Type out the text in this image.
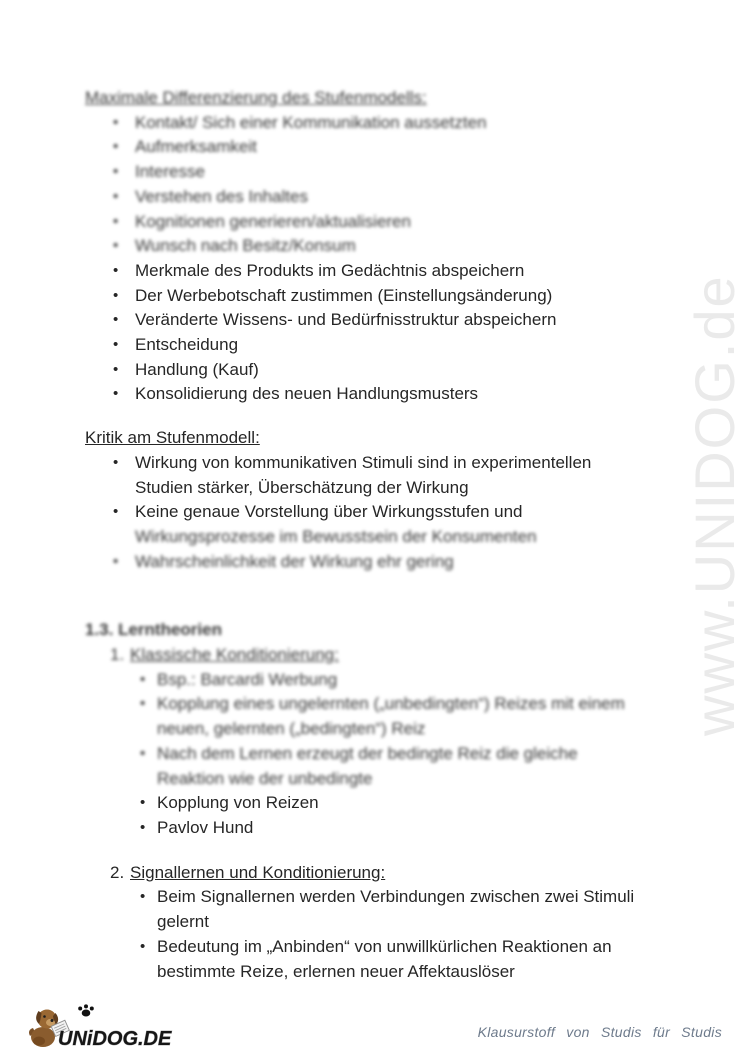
www.UNIDOG.de
Maximale Differenzierung des Stufenmodells:
• Kontakt/ Sich einer Kommunikation aussetzten
• Aufmerksamkeit
• Interesse
• Verstehen des Inhaltes
• Kognitionen generieren/aktualisieren
• Wunsch nach Besitz/Konsum
• Merkmale des Produkts im Gedächtnis abspeichern
• Der Werbebotschaft zustimmen (Einstellungsänderung)
• Veränderte Wissens- und Bedürfnisstruktur abspeichern
• Entscheidung
• Handlung (Kauf)
• Konsolidierung des neuen Handlungsmusters
Kritik am Stufenmodell:
• Wirkung von kommunikativen Stimuli sind in experimentellen
Studien stärker, Überschätzung der Wirkung
• Keine genaue Vorstellung über Wirkungsstufen und
Wirkungsprozesse im Bewusstsein der Konsumenten
• Wahrscheinlichkeit der Wirkung ehr gering
1.3. Lerntheorien
1. Klassische Konditionierung:
• Bsp.: Barcardi Werbung
• Kopplung eines ungelernten („unbedingten“) Reizes mit einem
neuen, gelernten („bedingten“) Reiz
• Nach dem Lernen erzeugt der bedingte Reiz die gleiche
Reaktion wie der unbedingte
• Kopplung von Reizen
• Pavlov Hund
2. Signallernen und Konditionierung:
• Beim Signallernen werden Verbindungen zwischen zwei Stimuli
gelernt
• Bedeutung im „Anbinden“ von unwillkürlichen Reaktionen an
bestimmte Reize, erlernen neuer Affektauslöser
UNiDOG.DE	Klausurstoff von Studis für Studis
